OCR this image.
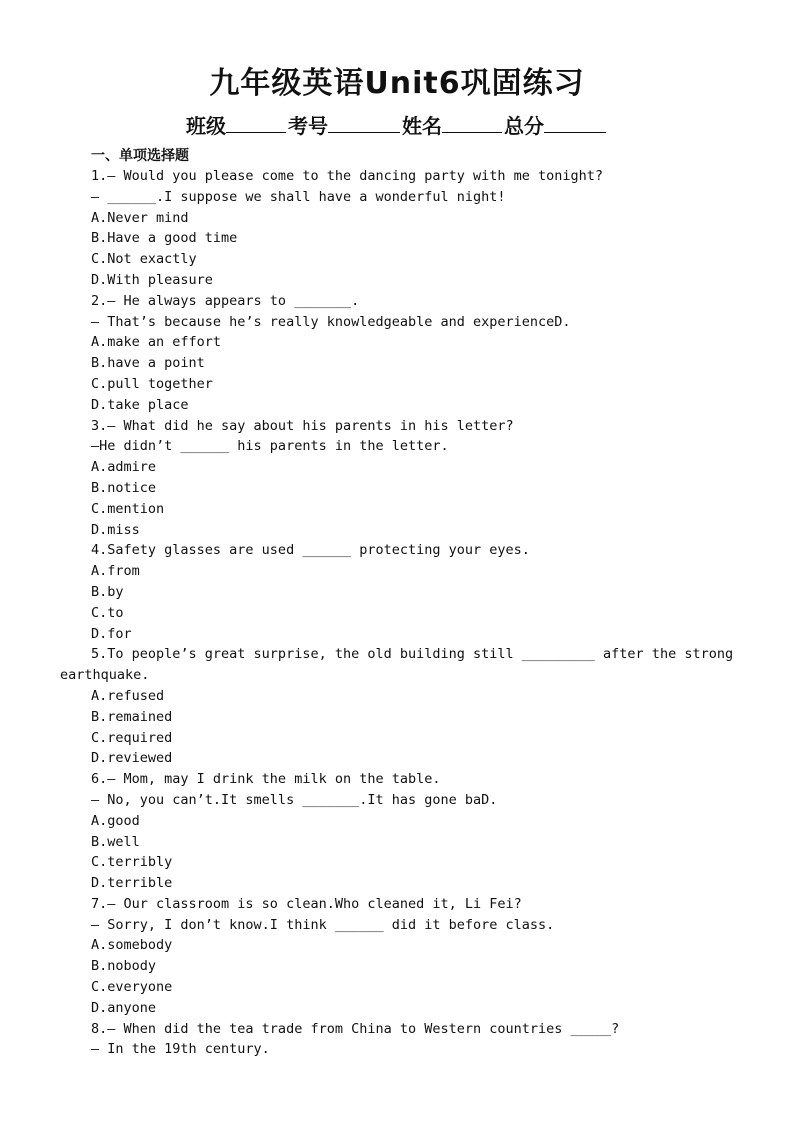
九年级英语Unit6巩固练习
班级	考号	姓名	总分
一、单项选择题
1.— Would you please come to the dancing party with me tonight?
— ______.I suppose we shall have a wonderful night!
A.Never mind
B.Have a good time
C.Not exactly
D.With pleasure
2.— He always appears to _______.
— That’s because he’s really knowledgeable and experienceD.
A.make an effort
B.have a point
C.pull together
D.take place
3.— What did he say about his parents in his letter?
—He didn’t ______ his parents in the letter.
A.admire
B.notice
C.mention
D.miss
4.Safety glasses are used ______ protecting your eyes.
A.from
B.by
C.to
D.for
5.To people’s great surprise, the old building still _________ after the strong
earthquake.
A.refused
B.remained
C.required
D.reviewed
6.— Mom, may I drink the milk on the table.
— No, you can’t.It smells _______.It has gone baD.
A.good
B.well
C.terribly
D.terrible
7.— Our classroom is so clean.Who cleaned it, Li Fei?
— Sorry, I don’t know.I think ______ did it before class.
A.somebody
B.nobody
C.everyone
D.anyone
8.— When did the tea trade from China to Western countries _____?
— In the 19th century.
